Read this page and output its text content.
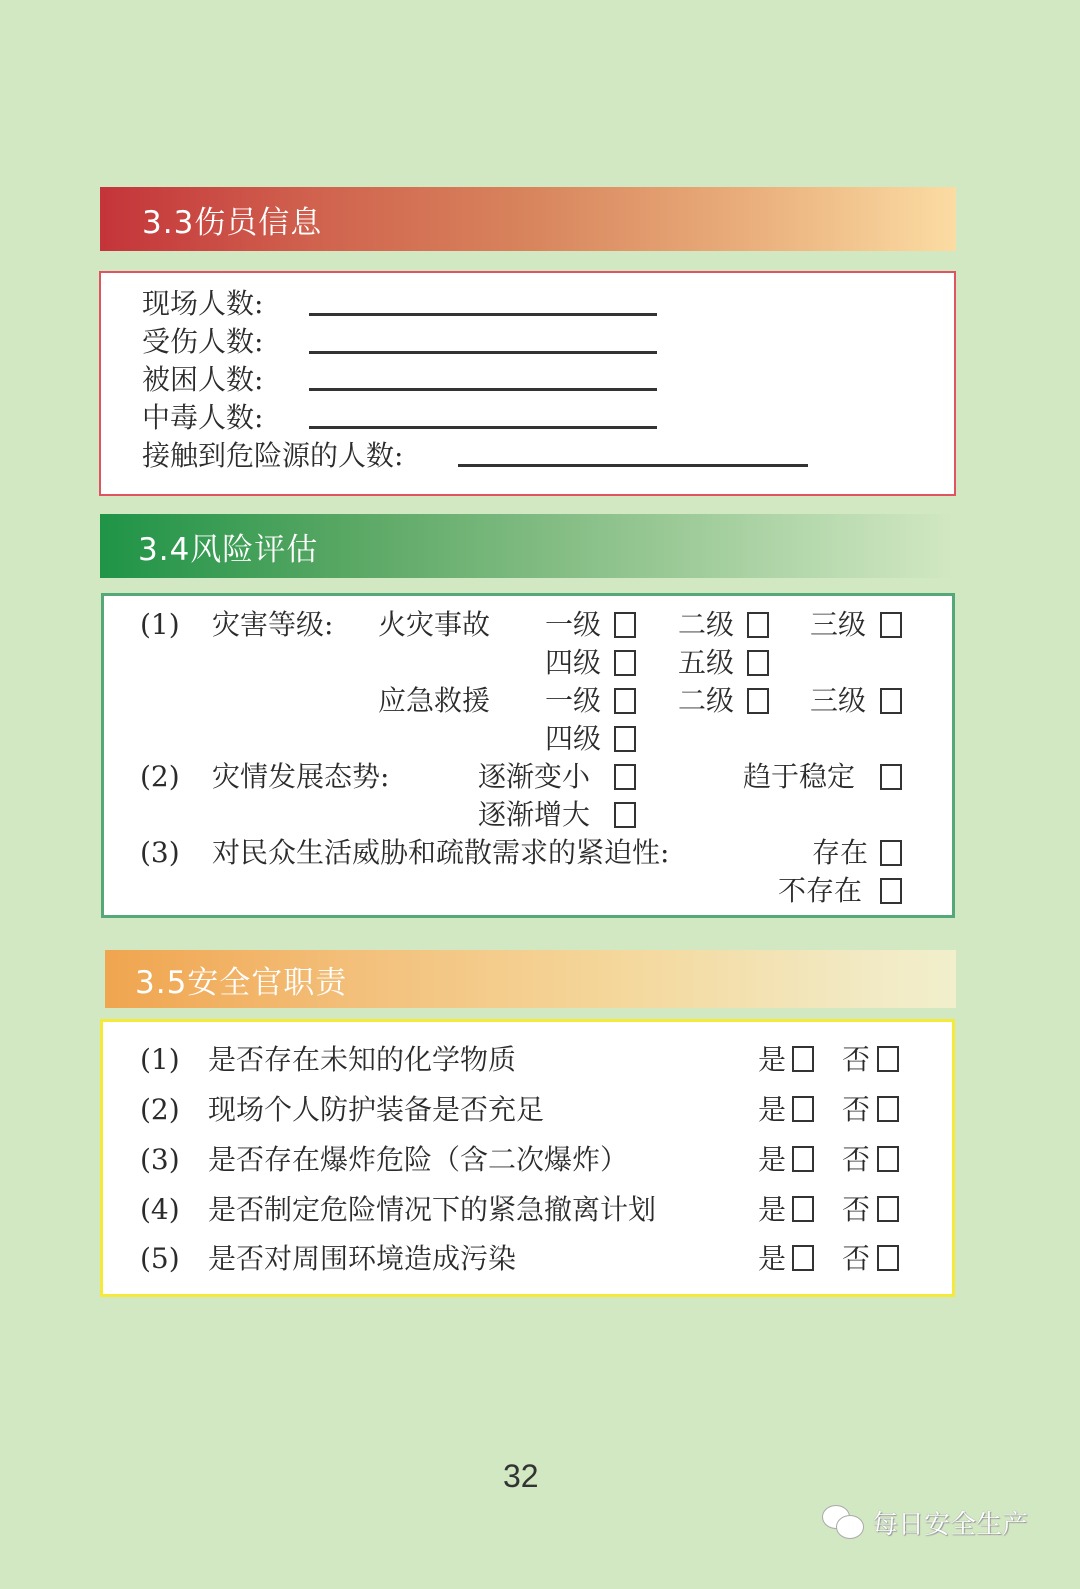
3.3伤员信息
现场人数:
受伤人数:
被困人数:
中毒人数:
接触到危险源的人数:
3.4风险评估
(1) 灾害等级: 火灾事故 一级	二级	三级
四级	五级
应急救援 一级	二级	三级
四级
(2) 灾情发展态势:	逐渐变小	趋于稳定
逐渐增大
(3) 对民众生活威胁和疏散需求的紧迫性:	存在
不存在
3.5安全官职责
(1) 是否存在未知的化学物质	是 否
(2) 现场个人防护装备是否充足	是 否
(3) 是否存在爆炸危险（含二次爆炸）	是 否
(4) 是否制定危险情况下的紧急撤离计划	是 否
(5) 是否对周围环境造成污染	是 否
32
每日安全生产
